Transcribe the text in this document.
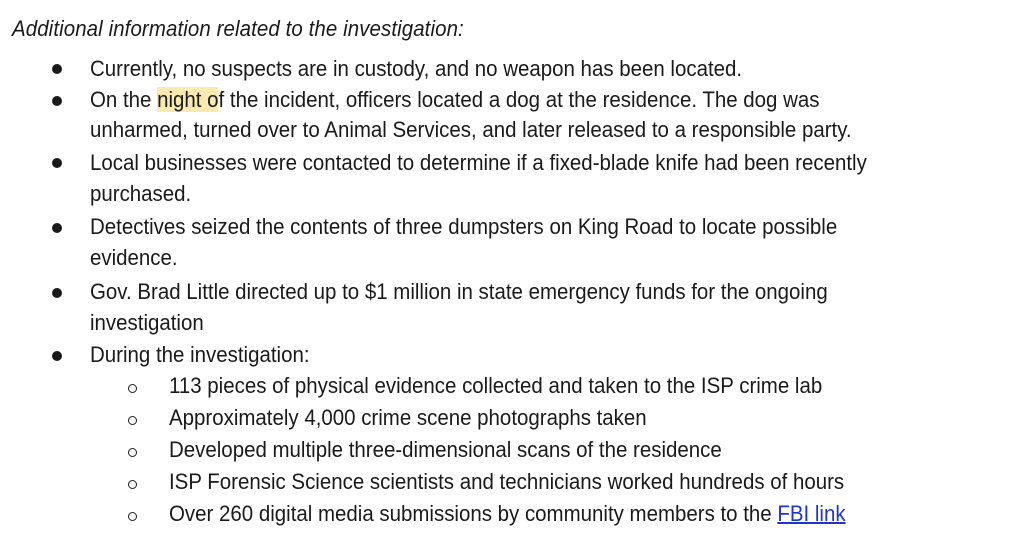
Additional information related to the investigation:
Currently, no suspects are in custody, and no weapon has been located.
On the night of the incident, officers located a dog at the residence. The dog was
unharmed, turned over to Animal Services, and later released to a responsible party.
Local businesses were contacted to determine if a fixed-blade knife had been recently
purchased.
Detectives seized the contents of three dumpsters on King Road to locate possible
evidence.
Gov. Brad Little directed up to $1 million in state emergency funds for the ongoing
investigation
During the investigation:
113 pieces of physical evidence collected and taken to the ISP crime lab
Approximately 4,000 crime scene photographs taken
Developed multiple three-dimensional scans of the residence
ISP Forensic Science scientists and technicians worked hundreds of hours
Over 260 digital media submissions by community members to the FBI link
